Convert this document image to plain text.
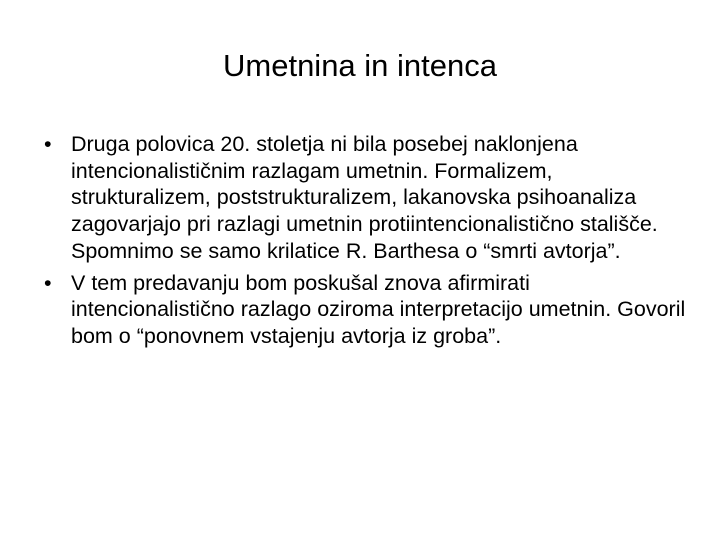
Umetnina in intenca
• Druga polovica 20. stoletja ni bila posebej naklonjena intencionalističnim razlagam umetnin. Formalizem, strukturalizem, poststrukturalizem, lakanovska psihoanaliza zagovarjajo pri razlagi umetnin protiintencionalistično stališče. Spomnimo se samo krilatice R. Barthesa o “smrti avtorja”.
• V tem predavanju bom poskušal znova afirmirati intencionalistično razlago oziroma interpretacijo umetnin. Govoril bom o “ponovnem vstajenju avtorja iz groba”.
